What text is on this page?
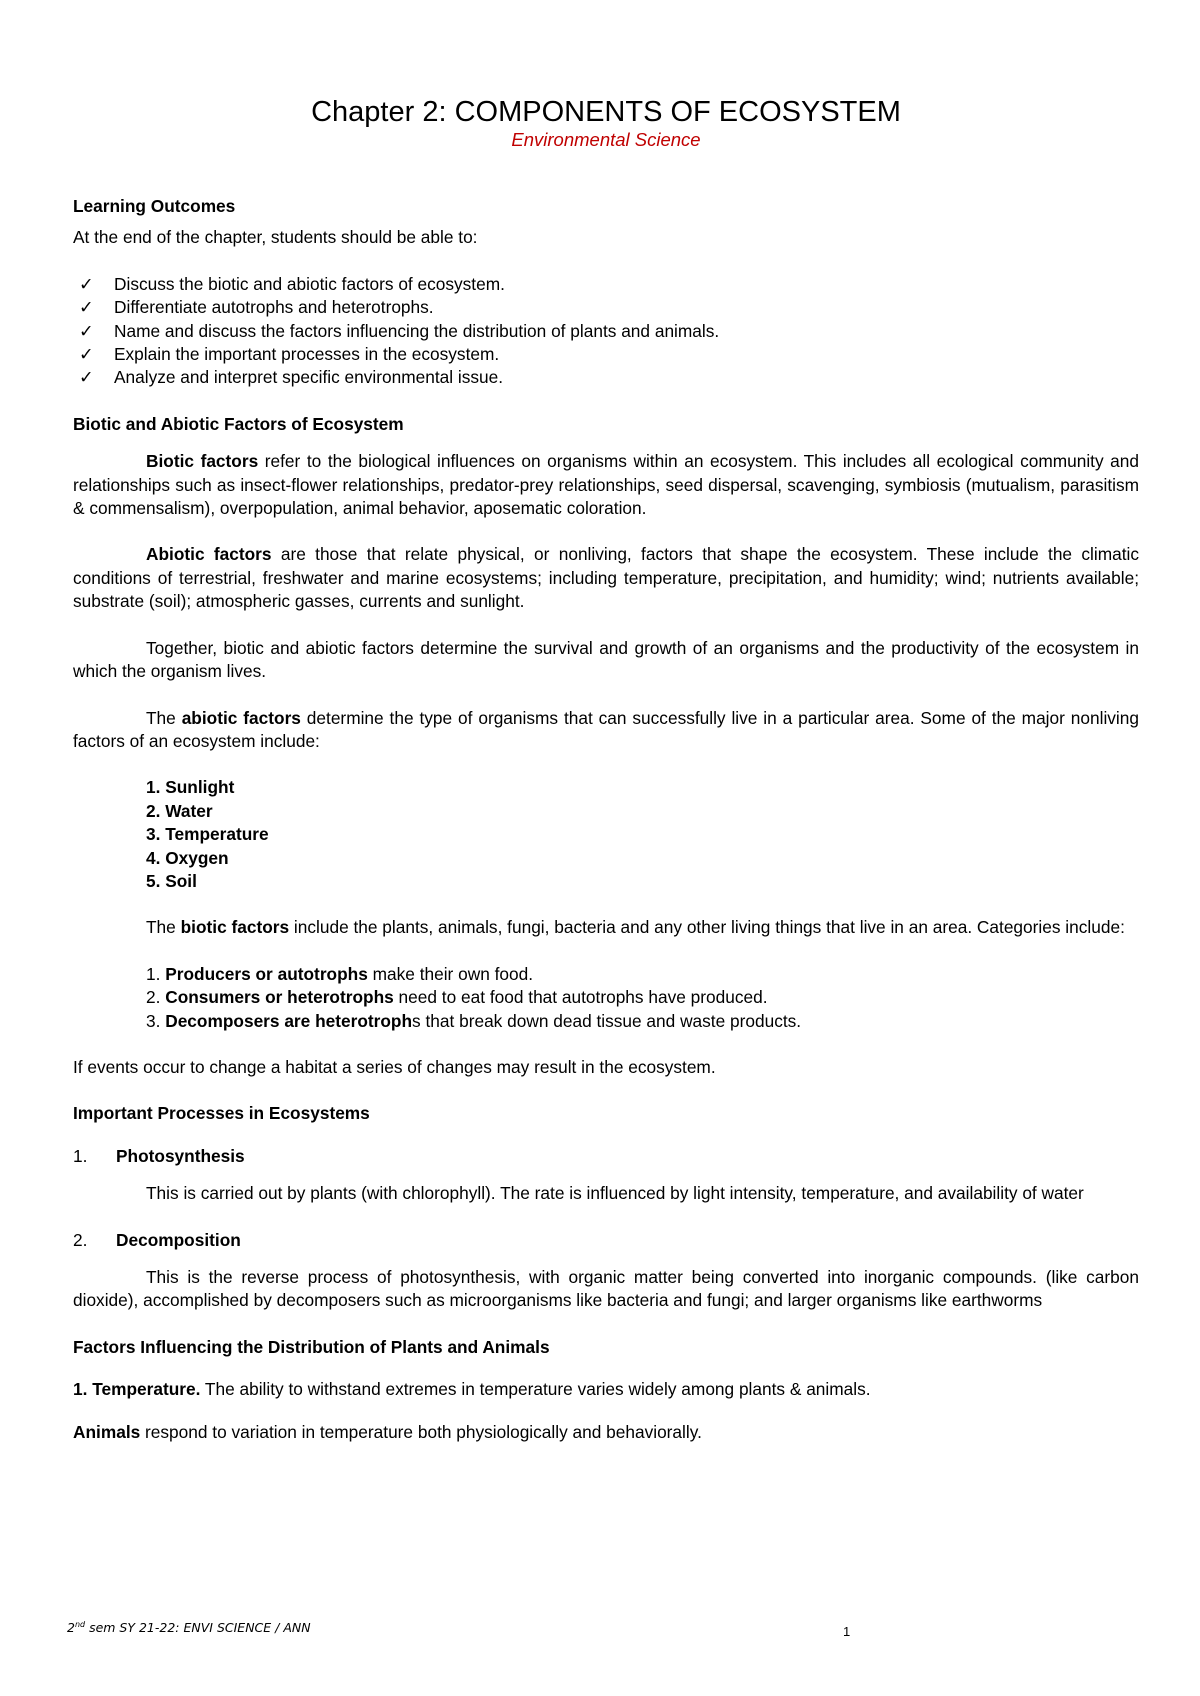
Chapter 2: COMPONENTS OF ECOSYSTEM
Environmental Science
Learning Outcomes

At the end of the chapter, students should be able to:

✓ Discuss the biotic and abiotic factors of ecosystem.
✓ Differentiate autotrophs and heterotrophs.
✓ Name and discuss the factors influencing the distribution of plants and animals.
✓ Explain the important processes in the ecosystem.
✓ Analyze and interpret specific environmental issue.
Biotic and Abiotic Factors of Ecosystem

Biotic factors refer to the biological influences on organisms within an ecosystem. This includes all ecological community and relationships such as insect-flower relationships, predator-prey relationships, seed dispersal, scavenging, symbiosis (mutualism, parasitism & commensalism), overpopulation, animal behavior, aposematic coloration.

Abiotic factors are those that relate physical, or nonliving, factors that shape the ecosystem. These include the climatic conditions of terrestrial, freshwater and marine ecosystems; including temperature, precipitation, and humidity; wind; nutrients available; substrate (soil); atmospheric gasses, currents and sunlight.

Together, biotic and abiotic factors determine the survival and growth of an organisms and the productivity of the ecosystem in which the organism lives.

The abiotic factors determine the type of organisms that can successfully live in a particular area. Some of the major nonliving factors of an ecosystem include:

1. Sunlight
2. Water
3. Temperature
4. Oxygen
5. Soil

The biotic factors include the plants, animals, fungi, bacteria and any other living things that live in an area. Categories include:

1. Producers or autotrophs make their own food.
2. Consumers or heterotrophs need to eat food that autotrophs have produced.
3. Decomposers are heterotrophs that break down dead tissue and waste products.

If events occur to change a habitat a series of changes may result in the ecosystem.

Important Processes in Ecosystems
1. Photosynthesis
This is carried out by plants (with chlorophyll). The rate is influenced by light intensity, temperature, and availability of water
2. Decomposition
This is the reverse process of photosynthesis, with organic matter being converted into inorganic compounds. (like carbon dioxide), accomplished by decomposers such as microorganisms like bacteria and fungi; and larger organisms like earthworms
Factors Influencing the Distribution of Plants and Animals

1. Temperature. The ability to withstand extremes in temperature varies widely among plants & animals.

Animals respond to variation in temperature both physiologically and behaviorally.

2nd sem SY 21-22: ENVI SCIENCE / ANN	1
